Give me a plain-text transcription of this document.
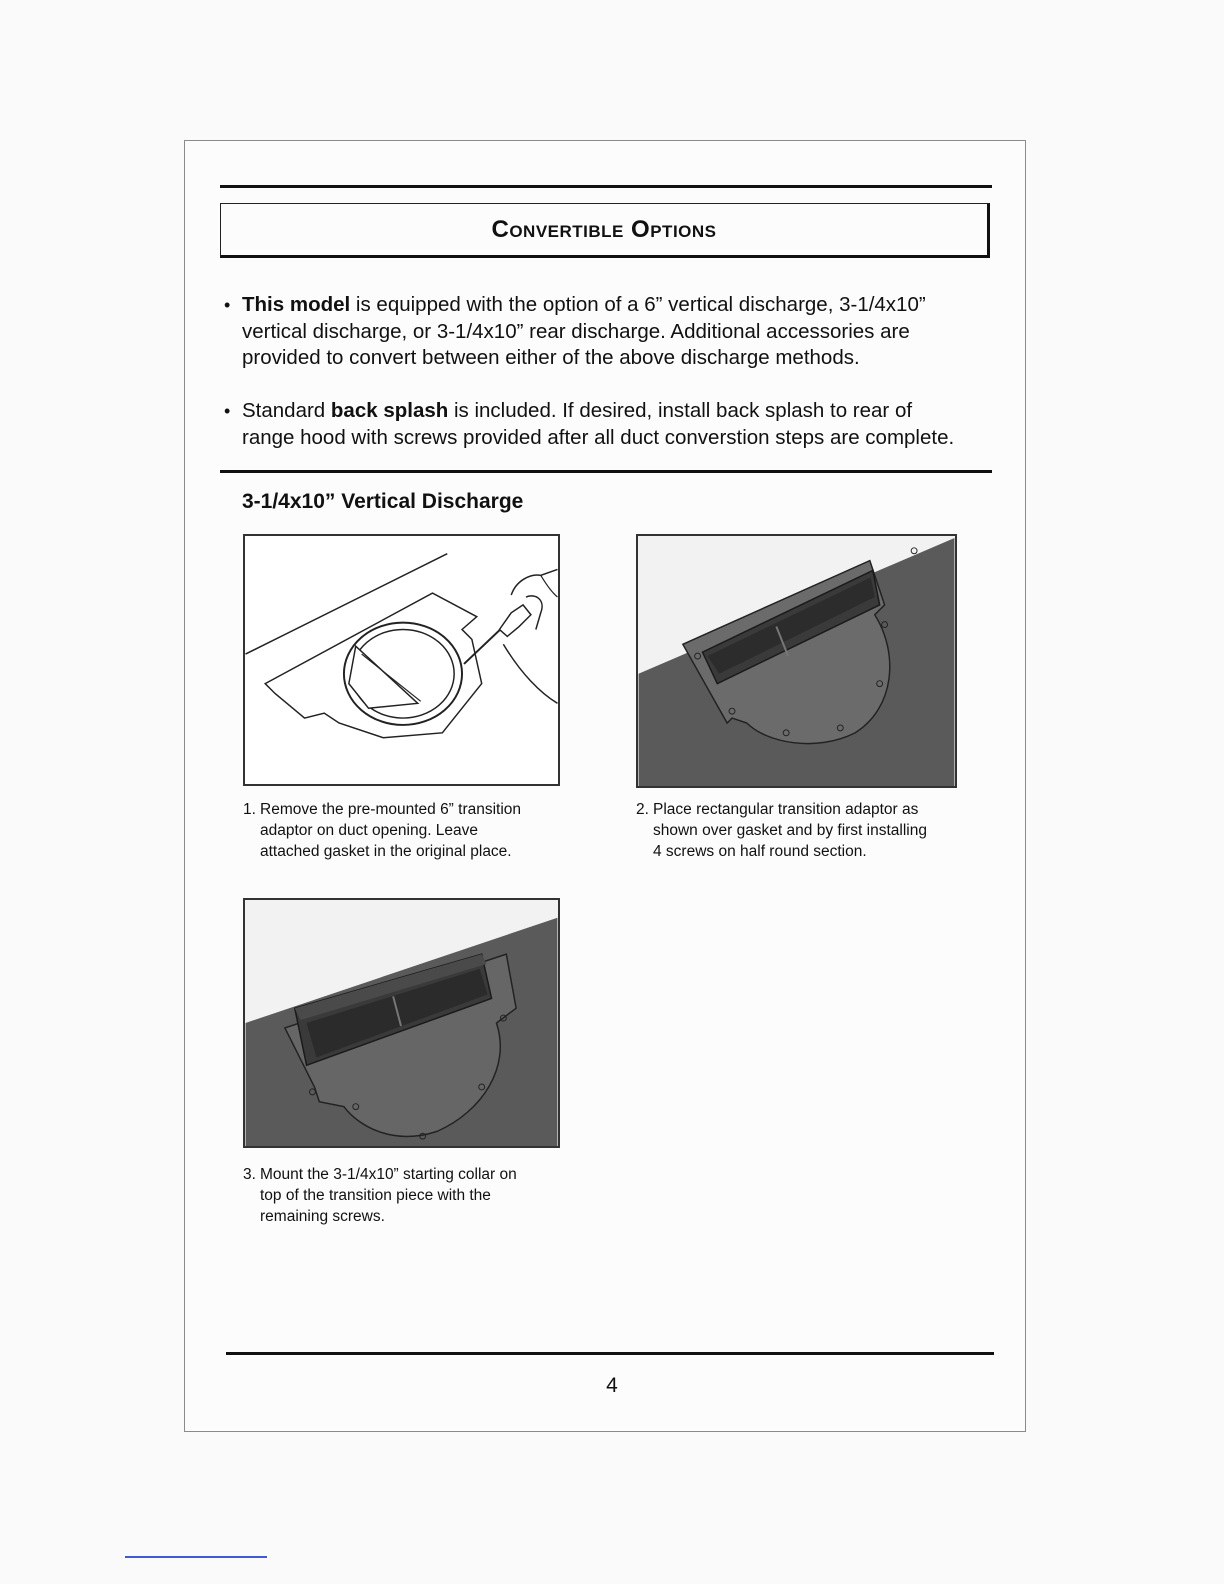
Convertible Options
• This model is equipped with the option of a 6” vertical discharge, 3-1/4x10”
vertical discharge, or 3-1/4x10” rear discharge. Additional accessories are
provided to convert between either of the above discharge methods.
• Standard back splash is included. If desired, install back splash to rear of
range hood with screws provided after all duct converstion steps are complete.
3-1/4x10” Vertical Discharge
1. Remove the pre-mounted 6” transition
adaptor on duct opening. Leave
attached gasket in the original place.
2. Place rectangular transition adaptor as
shown over gasket and by first installing
4 screws on half round section.
3. Mount the 3-1/4x10” starting collar on
top of the transition piece with the
remaining screws.
4
